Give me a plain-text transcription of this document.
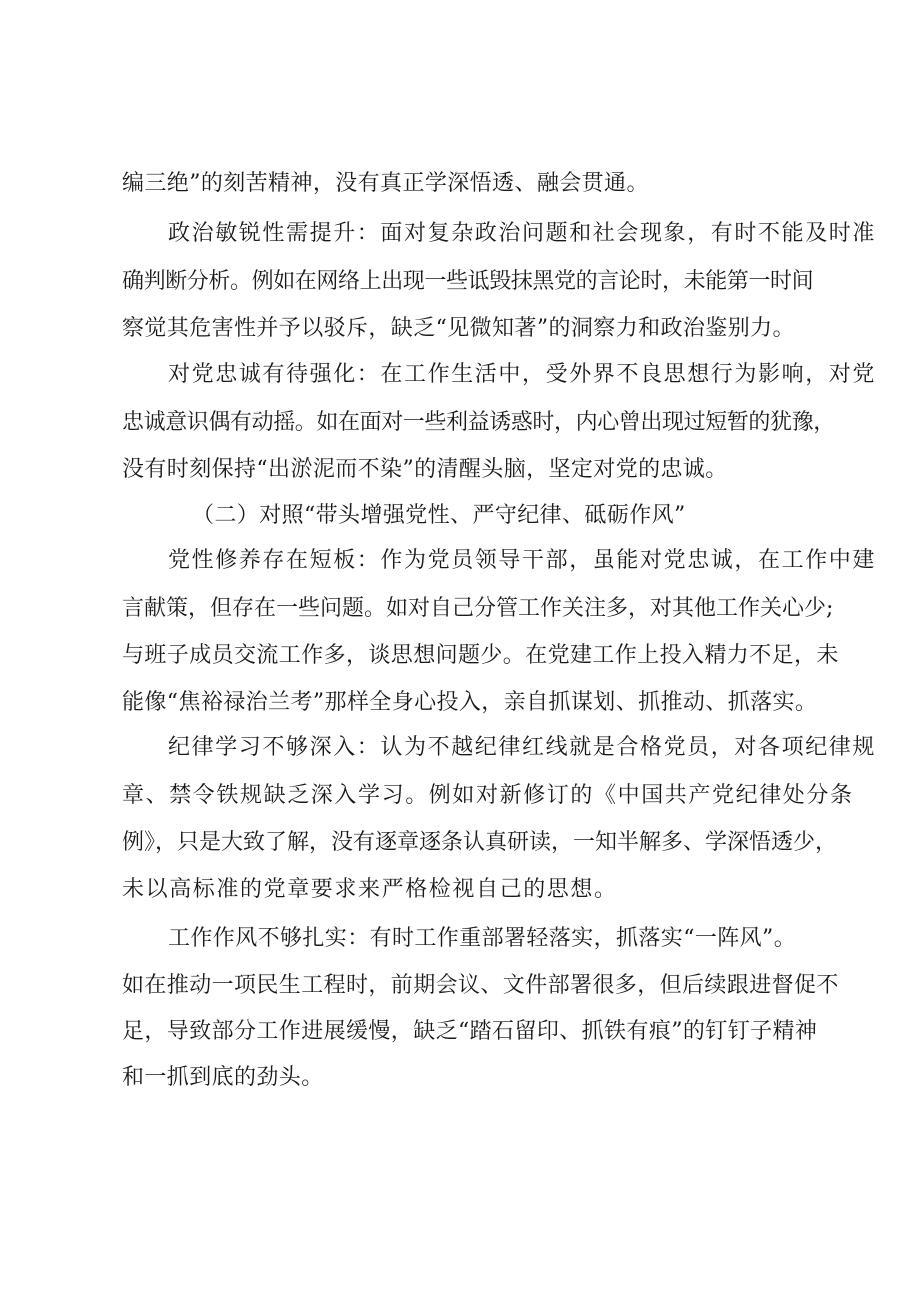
编三绝”的刻苦精神，没有真正学深悟透、融会贯通。
政治敏锐性需提升：面对复杂政治问题和社会现象，有时不能及时准
确判断分析。例如在网络上出现一些诋毁抹黑党的言论时，未能第一时间
察觉其危害性并予以驳斥，缺乏“见微知著”的洞察力和政治鉴别力。
对党忠诚有待强化：在工作生活中，受外界不良思想行为影响，对党
忠诚意识偶有动摇。如在面对一些利益诱惑时，内心曾出现过短暂的犹豫，
没有时刻保持“出淤泥而不染”的清醒头脑，坚定对党的忠诚。
（二）对照“带头增强党性、严守纪律、砥砺作风”
党性修养存在短板：作为党员领导干部，虽能对党忠诚，在工作中建
言献策，但存在一些问题。如对自己分管工作关注多，对其他工作关心少;
与班子成员交流工作多，谈思想问题少。在党建工作上投入精力不足，未
能像“焦裕禄治兰考”那样全身心投入，亲自抓谋划、抓推动、抓落实。
纪律学习不够深入：认为不越纪律红线就是合格党员，对各项纪律规
章、禁令铁规缺乏深入学习。例如对新修订的《中国共产党纪律处分条
例》，只是大致了解，没有逐章逐条认真研读，一知半解多、学深悟透少，
未以高标准的党章要求来严格检视自己的思想。
工作作风不够扎实：有时工作重部署轻落实，抓落实“一阵风”。
如在推动一项民生工程时，前期会议、文件部署很多，但后续跟进督促不
足，导致部分工作进展缓慢，缺乏“踏石留印、抓铁有痕”的钉钉子精神
和一抓到底的劲头。
